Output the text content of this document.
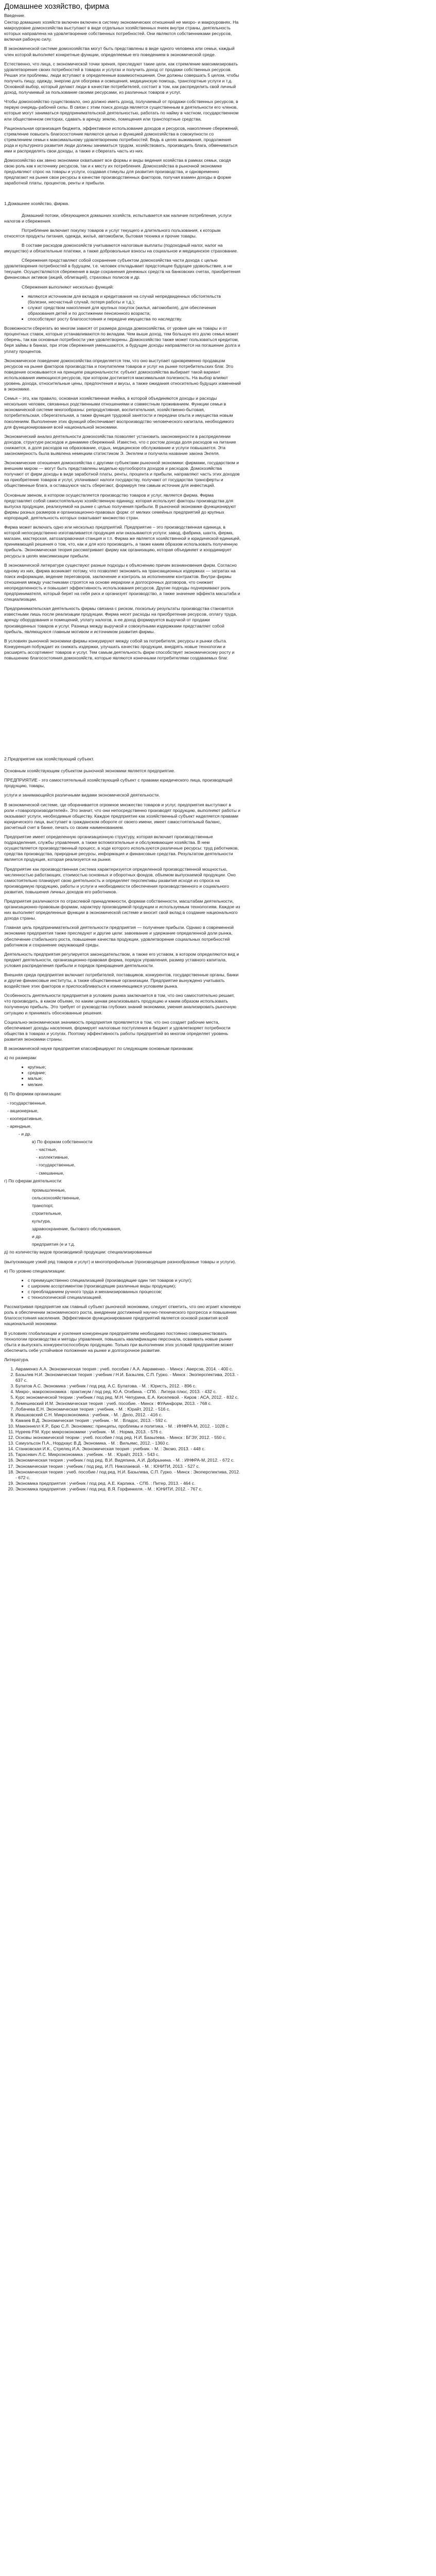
Домашнее хозяйство, фирма
Введение.

Сектор домашних хозяйств включен включен в систему экономических отношений не миоро- и макроуровнях. На макроуровне домохозяйства выступают в виде отдельных хозяйственных ячеек внутри страны, деятельность которых направлена на удовлетворение собственных потребностей. Они являются собственниками ресурсов, включая рабочую силу.

В экономической системе домохозяйства могут быть представлены в виде одного человека или семьи, каждый член которой выполняет конкретные функции, определяемые его поведением в экономической среде.

Естественно, что лица, с экономической точки зрения, преследуют такие цели, как стремление максимизировать удовлетворение своих потребностей в товарах и услугах и получить доход от продажи собственных ресурсов. Решая эти проблемы, люди вступают в определенные взаимоотношения. Они должны совершать 5 целом, чтобы получить пищу, одежду, энергию для обогрева и освещения, медицинскую помощь, транспортные услуги и т.д. Основной выбор, который делают люди в качестве потребителей, состоит в том, как распределить свой личный доход, получаемый за пользование своими ресурсами, из различных товаров и услуг.

Чтобы домохозяйство существовало, оно должно иметь доход, получаемый от продажи собственных ресурсов, в первую очередь-рабочей силы. В связи с этим поиск дохода является существенным в деятельности его членов, которые могут заниматься предпринимательской деятельностью, работать по найму в частном, государственном или общественном секторах, сдавать в аренду землю, помещения или транспортные средства.

Рациональная организация бюджета, эффективное использование доходов и ресурсов, накопление сбережений, стремление повысить благосостояние являются целью и функцией домохозяйства в совокупности со стремлением семьи к максимальному удовлетворению потребностей. Ведь в целях выживания, продолжения рода и культурного развития люди должны заниматься трудом, хозяйствовать, производить блага, обмениваться ими и распределять свои доходы, а также и сберегать часть из них.

Домохозяйство как звено экономики охватывает все формы и виды ведения хозяйства в рамках семьи, сводя свою роль как к источнику ресурсов, так и к месту их потребления. Домохозяйства в рыночной экономике предъявляют спрос на товары и услуги, создавая стимулы для развития производства, и одновременно предлагают на рынке свои ресурсы в качестве производственных факторов, получая взамен доходы в форме заработной платы, процентов, ренты и прибыли.

1.Домашнее хозяйство, фирма.

Домашний потоки, обязующиеся домашних хозяйств, испытывается как наличие потребления, услуги налогов и сбережения.

Потребление включает покупку товаров и услуг текущего и длительного пользования, к которым относятся продукты питания, одежда, жильё, автомобили, бытовая техника и прочие товары.

В составе расходов домохозяйств учитываются налоговые выплаты (подоходный налог, налог на имущество) и обязательные платежи, а также добровольные взносы на социальное и медицинское страхование.

Сбережения представляют собой сохранение субъектом домохозяйства части дохода с целью удовлетворения потребностей в будущем, т.е. человек откладывает предстоящее будущее удовольствие, а не текущее. Осуществляются сбережения в виде сохранения денежных средств на банковских счетах, приобретения финансовых активов (акций, облигаций), страховых полисов и др.

Сбережения выполняют несколько функций:

• являются источником для вкладов и кредитования на случай непредвиденных обстоятельств (болезни, несчастный случай, потеря работы и т.д.);
• служат средством накопления для крупных покупок (жилья, автомобиля), для обеспечения образования детей и по достижении пенсионного возраста;
• способствуют росту благосостояния и передаче имущества по наследству.

Возможности сберегать во многом зависят от размера дохода домохозяйства, от уровня цен на товары и от процентных ставок, которые устанавливаются по вкладам. Чем выше доход, тем большую его долю семья может сберечь, так как основные потребности уже удовлетворены. Домохозяйство также может пользоваться кредитом, беря займы в банках, при этом сбережения уменьшаются, а будущие доходы направляются на погашение долга и уплату процентов.

Экономическое поведение домохозяйства определяется тем, что оно выступает одновременно продавцом ресурсов на рынке факторов производства и покупателем товаров и услуг на рынке потребительских благ. Это поведение основывается на принципе рациональности: субъект домохозяйства выбирает такой вариант использования имеющихся ресурсов, при котором достигается максимальная полезность. На выбор влияют уровень дохода, относительные цены, предпочтения и вкусы, а также ожидания относительно будущих изменений в экономике.

Семья – это, как правило, основная хозяйственная ячейка, в которой объединяются доходы и расходы нескольких человек, связанных родственными отношениями и совместным проживанием. Функции семьи в экономической системе многообразны: репродуктивная, воспитательная, хозяйственно-бытовая, потребительская, сберегательная, а также функция трудовой занятости и передачи опыта и имущества новым поколениям. Выполнение этих функций обеспечивает воспроизводство человеческого капитала, необходимого для функционирования всей национальной экономики.

Экономический анализ деятельности домохозяйства позволяет установить закономерности в распределении доходов, структуре расходов и динамике сбережений. Известно, что с ростом дохода доля расходов на питание снижается, а доля расходов на образование, отдых, медицинское обслуживание и услуги повышается. Эта закономерность была выявлена немецким статистиком Э. Энгелем и получила название закона Энгеля.

Экономические отношения домохозяйства с другими субъектами рыночной экономики: фирмами, государством и внешним миром — могут быть представлены моделью кругооборота доходов и расходов. Домохозяйства получают от фирм доходы в виде заработной платы, ренты, процента и прибыли, направляют часть этих доходов на приобретение товаров и услуг, уплачивают налоги государству, получают от государства трансферты и общественные блага, а оставшуюся часть сберегают, формируя тем самым источник для инвестиций.

Основным звеном, в котором осуществляется производство товаров и услуг, является фирма. Фирма представляет собой самостоятельную хозяйственную единицу, которая использует факторы производства для выпуска продукции, реализуемой на рынке с целью получения прибыли. В рыночной экономике функционируют фирмы разных размеров и организационно-правовых форм: от мелких семейных предприятий до крупных корпораций, деятельность которых охватывает множество стран.

Фирма может включать одно или несколько предприятий. Предприятие – это производственная единица, в которой непосредственно изготавливается продукция или оказываются услуги: завод, фабрика, шахта, ферма, магазин, мастерская, автозаправочная станция и т.п. Фирма же является хозяйственной и юридической единицей, принимающей решения о том, что, как и для кого производить, а также каким образом использовать полученную прибыль. Экономическая теория рассматривает фирму как организацию, которая объединяет и координирует ресурсы в целях максимизации прибыли.

В экономической литературе существуют разные подходы к объяснению причин возникновения фирм. Согласно одному из них, фирма возникает потому, что позволяет экономить на трансакционных издержках — затратах на поиск информации, ведение переговоров, заключение и контроль за исполнением контрактов. Внутри фирмы отношения между участниками строятся на основе иерархии и долгосрочных договоров, что снижает неопределенность и повышает эффективность использования ресурсов. Другие подходы подчеркивают роль предпринимателя, который берет на себя риск и организует производство, а также значение эффекта масштаба и специализации.

Предпринимательская деятельность фирмы связана с риском, поскольку результаты производства становятся известными лишь после реализации продукции. Фирма несет расходы на приобретение ресурсов, оплату труда, аренду оборудования и помещений, уплату налогов, а ее доход формируется выручкой от продажи произведенных товаров и услуг. Разница между выручкой и совокупными издержками представляет собой прибыль, являющуюся главным мотивом и источником развития фирмы.

В условиях рыночной экономики фирмы конкурируют между собой за потребителя, ресурсы и рынки сбыта. Конкуренция побуждает их снижать издержки, улучшать качество продукции, внедрять новые технологии и расширять ассортимент товаров и услуг. Тем самым деятельность фирм способствует экономическому росту и повышению благосостояния домохозяйств, которые являются конечными потребителями создаваемых благ.

2.Предприятие как хозяйствующий субъект.

Основным хозяйствующим субъектом рыночной экономики является предприятие.

ПРЕДПРИЯТИЕ - это самостоятельный хозяйствующий субъект с правами юридического лица, производящий продукцию, товары,

услуги и занимающийся различными видами экономической деятельности.

В экономической системе, где оборачивается огромное множество товаров и услуг, предприятия выступают в роли «товаропроизводителей». Это значит, что они непосредственно производят продукцию, выполняют работы и оказывают услуги, необходимые обществу. Каждое предприятие как хозяйственный субъект наделяется правами юридического лица, выступает в гражданском обороте от своего имени, имеет самостоятельный баланс, расчетный счет в банке, печать со своим наименованием.

Предприятие имеет определенную организационную структуру, которая включает производственные подразделения, службы управления, а также вспомогательные и обслуживающие хозяйства. В нем осуществляется производственный процесс, в ходе которого используются различные ресурсы: труд работников, средства производства, природные ресурсы, информация и финансовые средства. Результатом деятельности является продукция, которая реализуется на рынке.

Предприятие как производственная система характеризуется определенной производственной мощностью, численностью работающих, стоимостью основных и оборотных фондов, объемом выпускаемой продукции. Оно самостоятельно планирует свою деятельность и определяет перспективы развития исходя из спроса на производимую продукцию, работы и услуги и необходимости обеспечения производственного и социального развития, повышения личных доходов его работников.

Предприятия различаются по отраслевой принадлежности, формам собственности, масштабам деятельности, организационно-правовым формам, характеру производимой продукции и используемым технологиям. Каждое из них выполняет определенные функции в экономической системе и вносит свой вклад в создание национального дохода страны.

Главная цель предпринимательской деятельности предприятия — получение прибыли. Однако в современной экономике предприятия также преследуют и другие цели: завоевание и удержание определенной доли рынка, обеспечение стабильного роста, повышение качества продукции, удовлетворение социальных потребностей работников и сохранение окружающей среды.

Деятельность предприятия регулируется законодательством, а также его уставом, в котором определяются вид и предмет деятельности, организационно-правовая форма, порядок управления, размер уставного капитала, условия распределения прибыли и порядок прекращения деятельности.

Внешняя среда предприятия включает потребителей, поставщиков, конкурентов, государственные органы, банки и другие финансовые институты, а также общественные организации. Предприятие вынуждено учитывать воздействие этих факторов и приспосабливаться к изменяющимся условиям рынка.

Особенность деятельности предприятия в условиях рынка заключается в том, что оно самостоятельно решает, что производить, в каком объеме, по каким ценам реализовывать продукцию и каким образом использовать полученную прибыль. Это требует от руководства глубоких знаний экономики, умения анализировать рыночную ситуацию и принимать обоснованные решения.

Социально-экономическая значимость предприятия проявляется в том, что оно создает рабочие места, обеспечивает доходы населения, формирует налоговые поступления в бюджет и удовлетворяет потребности общества в товарах и услугах. Поэтому эффективность работы предприятий во многом определяет уровень развития экономики страны.

В экономической науке предприятия классифицируют по следующим основным признакам:

а) по размерам:

• крупные;
• средние;
• малые;
• мелкие.

б) По формам организации:

- государственные,

- акционерные,

- кооперативные,

- арендные,

- и др.

в) По формам собственности

- частные,

- коллективные,

- государственные,

- смешанные,

г) По сферам деятельности:

промышленные,

сельскохозяйственные,

транспорт,

строительные,

культура,

здравоохранение, бытового обслуживания,

и др.

предприятия (е и т.д.

д) по количеству видов производимой продукции: специализированные

(выпускающие узкий ряд товаров и услуг) и многопрофильные (производящие разнообразные товары и услуги).

е) По уровню специализации:

• с преимущественно специализацией (производящие один тип товаров и услуг);
• с широким ассортиментом (производящие различные виды продукции);
• с преобладанием ручного труда и механизированных процессов;
• с технологической специализацией.

Рассматривая предприятие как главный субъект рыночной экономики, следует отметить, что оно играет ключевую роль в обеспечении экономического роста, внедрении достижений научно-технического прогресса и повышении благосостояния населения. Эффективное функционирование предприятий является основой развития всей национальной экономики.

В условиях глобализации и усиления конкуренции предприятиям необходимо постоянно совершенствовать технологии производства и методы управления, повышать квалификацию персонала, осваивать новые рынки сбыта и выпускать конкурентоспособную продукцию. Только при выполнении этих условий предприятие может обеспечить себе устойчивое положение на рынке и долгосрочное развитие.

Литература.

1. Авраменко А.А. Экономическая теория : учеб. пособие / А.А. Авраменко. - Минск : Аверсэв, 2014. - 400 с.
2. Базылев Н.И. Экономическая теория : учебник / Н.И. Базылев, С.П. Гурко. - Минск : Экоперспектива, 2013. - 637 с.
3. Булатов А.С. Экономика : учебник / под ред. А.С. Булатова. - М. : Юристъ, 2012. - 896 с.
4. Микро-, макроэкономика : практикум / под ред. Ю.А. Огибина. - СПб. : Литера плюс, 2013. - 432 с.
5. Курс экономической теории : учебник / под ред. М.Н. Чепурина, Е.А. Киселевой. - Киров : АСА, 2012. - 832 с.
6. Лемешевский И.М. Экономическая теория : учеб. пособие. - Минск : ФУАинформ, 2013. - 768 с.
7. Лобачева Е.Н. Экономическая теория : учебник. - М. : Юрайт, 2012. - 516 с.
8. Ивашковский С.Н. Микроэкономика : учебник. - М. : Дело, 2012. - 416 с.
9. Камаев В.Д. Экономическая теория : учебник. - М. : Владос, 2013. - 592 с.
10. Макконнелл К.Р., Брю С.Л. Экономикс: принципы, проблемы и политика. - М. : ИНФРА-М, 2012. - 1028 с.
11. Нуреев Р.М. Курс микроэкономики : учебник. - М. : Норма, 2013. - 576 с.
12. Основы экономической теории : учеб. пособие / под ред. Н.И. Базылева. - Минск : БГЭУ, 2012. - 550 с.
13. Самуэльсон П.А., Нордхаус В.Д. Экономика. - М. : Вильямс, 2012. - 1360 с.
14. Станковская И.К., Стрелец И.А. Экономическая теория : учебник. - М. : Эксмо, 2013. - 448 с.
15. Тарасевич Л.С. Микроэкономика : учебник. - М. : Юрайт, 2013. - 543 с.
16. Экономическая теория : учебник / под ред. В.И. Видяпина, А.И. Добрынина. - М. : ИНФРА-М, 2012. - 672 с.
17. Экономическая теория : учебник / под ред. И.П. Николаевой. - М. : ЮНИТИ, 2013. - 527 с.
18. Экономическая теория : учеб. пособие / под ред. Н.И. Базылева, С.П. Гурко. - Минск : Экоперспектива, 2012. - 672 с.
19. Экономика предприятия : учебник / под ред. А.Е. Карлика. - СПб. : Питер, 2013. - 464 с.
20. Экономика предприятия : учебник / под ред. В.Я. Горфинкеля. - М. : ЮНИТИ, 2012. - 767 с.
